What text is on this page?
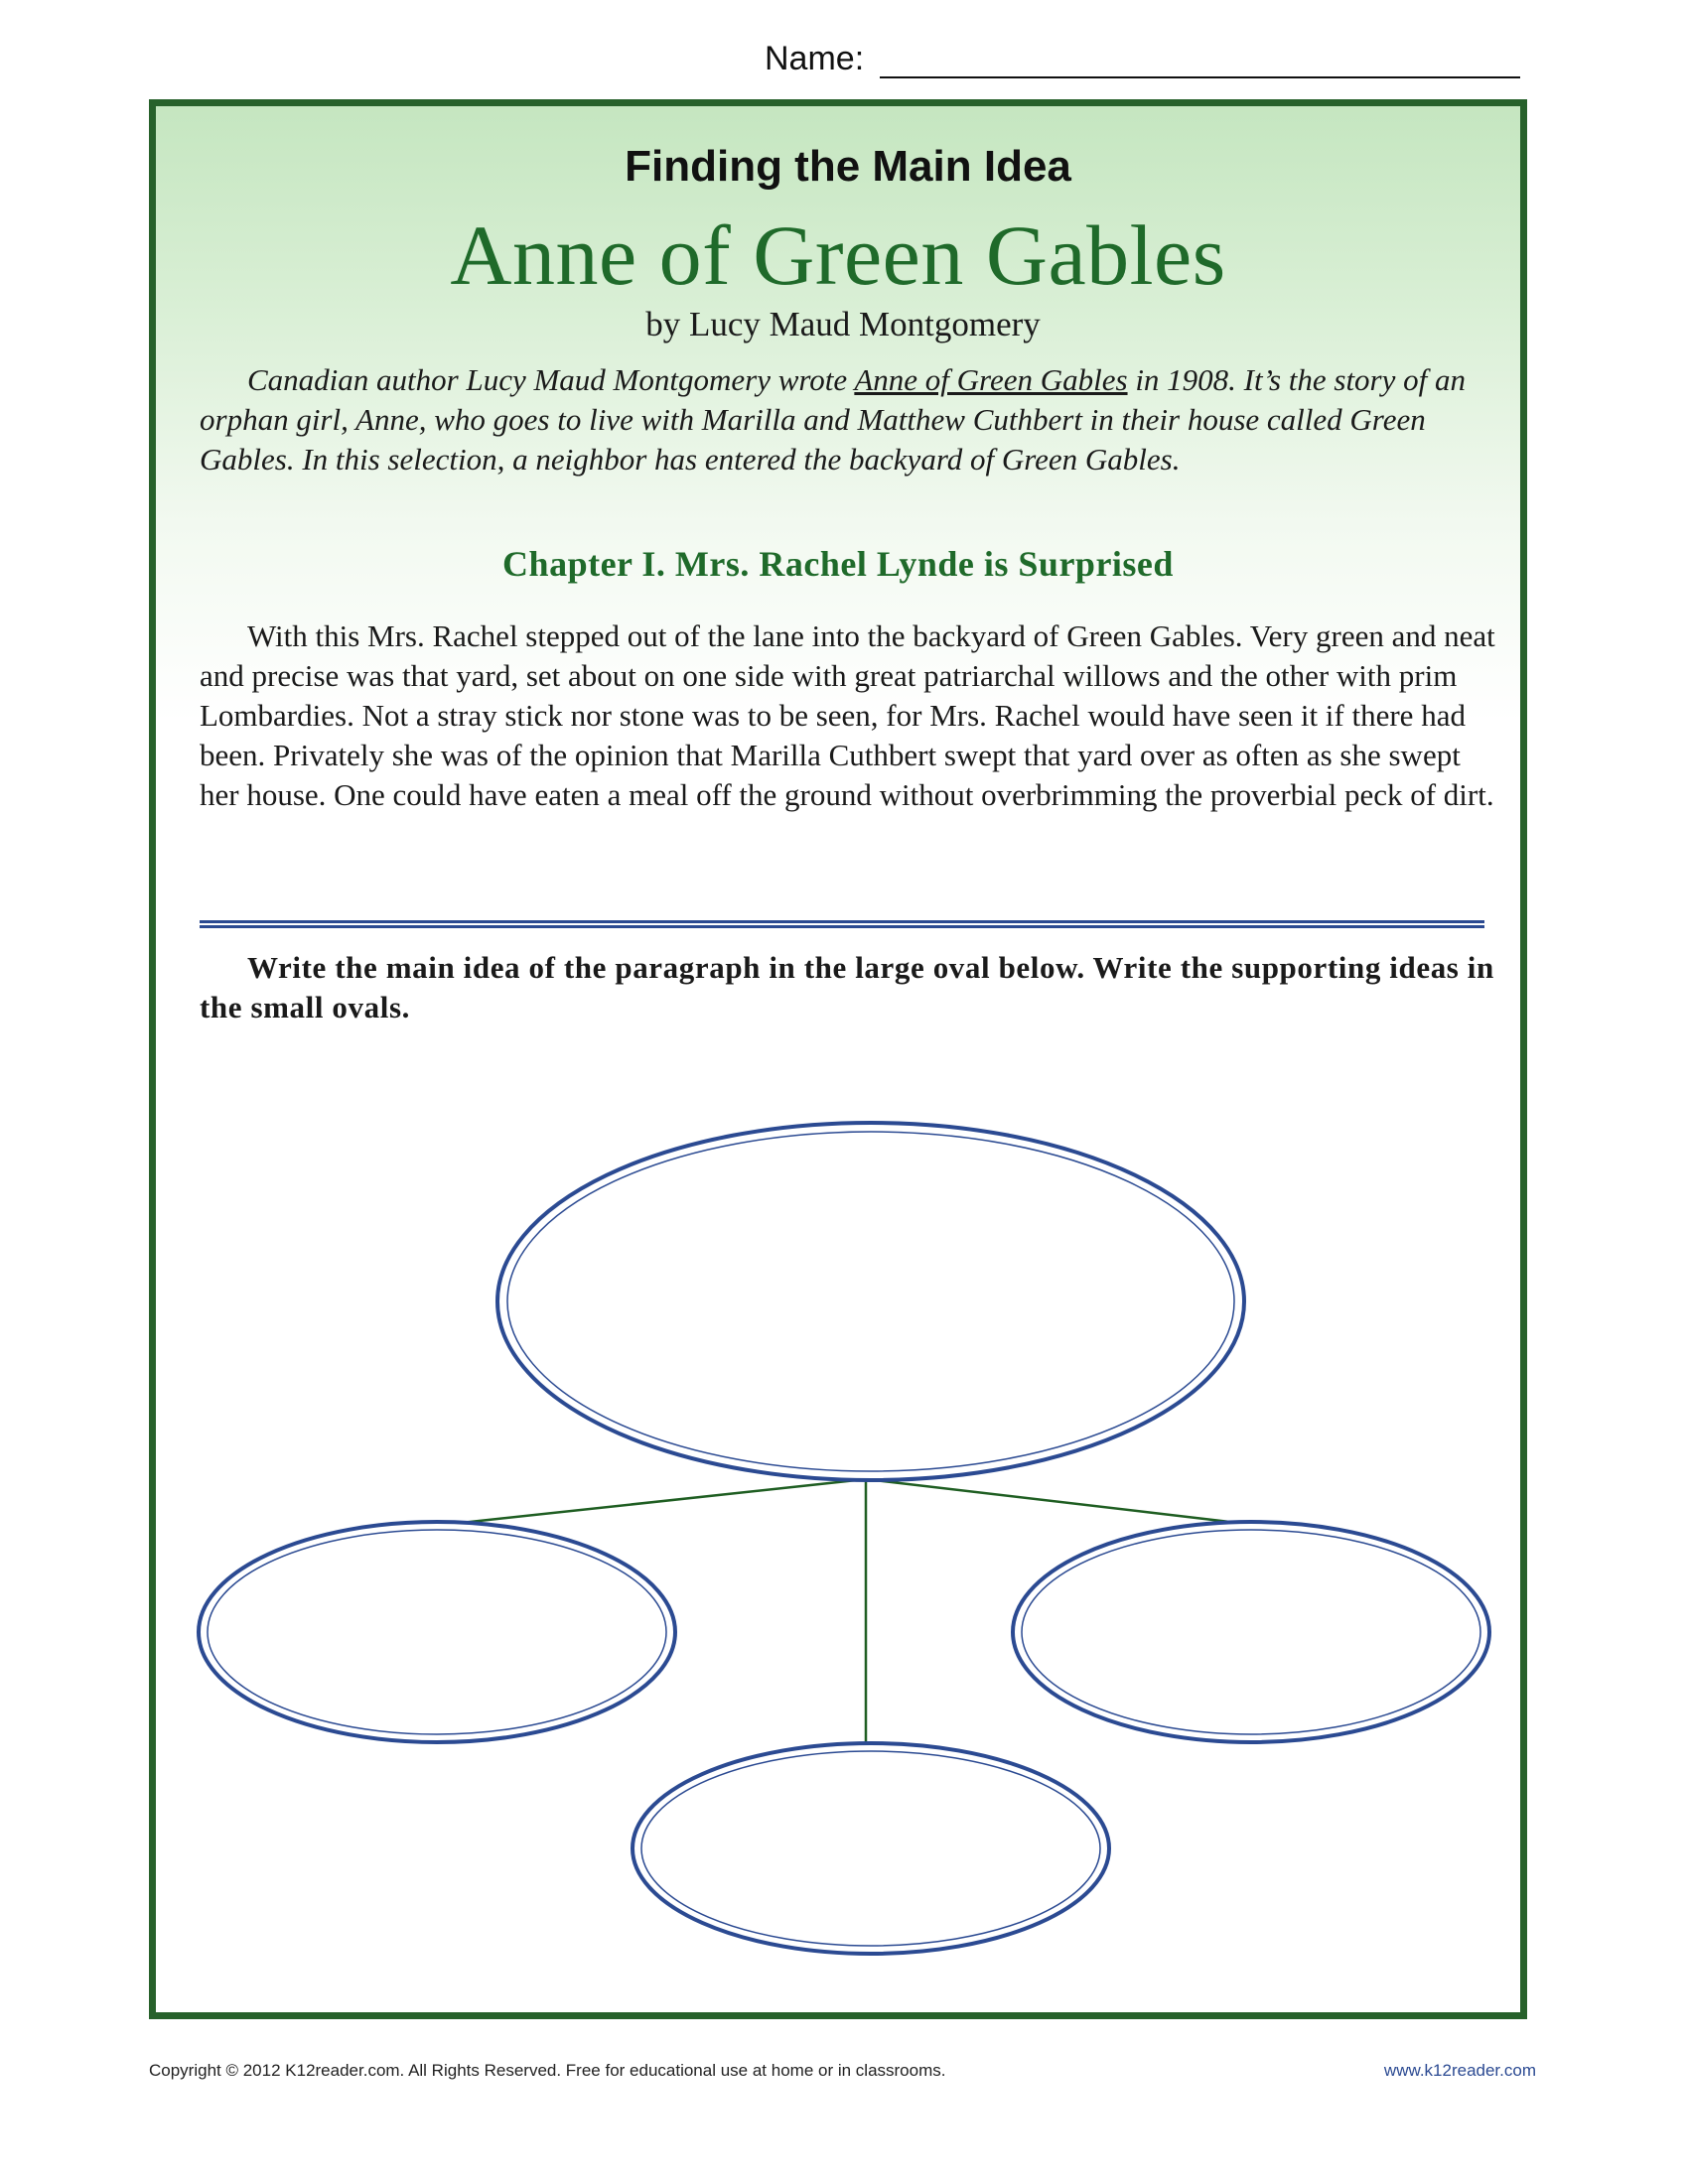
Name:
Finding the Main Idea
Anne of Green Gables
by Lucy Maud Montgomery
Canadian author Lucy Maud Montgomery wrote Anne of Green Gables in 1908. It’s the story of an orphan girl, Anne, who goes to live with Marilla and Matthew Cuthbert in their house called Green Gables. In this selection, a neighbor has entered the backyard of Green Gables.
Chapter I. Mrs. Rachel Lynde is Surprised
With this Mrs. Rachel stepped out of the lane into the backyard of Green Gables. Very green and neat and precise was that yard, set about on one side with great patriarchal willows and the other with prim Lombardies. Not a stray stick nor stone was to be seen, for Mrs. Rachel would have seen it if there had been. Privately she was of the opinion that Marilla Cuthbert swept that yard over as often as she swept her house. One could have eaten a meal off the ground without overbrimming the proverbial peck of dirt.
Write the main idea of the paragraph in the large oval below. Write the supporting ideas in the small ovals.
Copyright © 2012 K12reader.com. All Rights Reserved. Free for educational use at home or in classrooms.	www.k12reader.com
